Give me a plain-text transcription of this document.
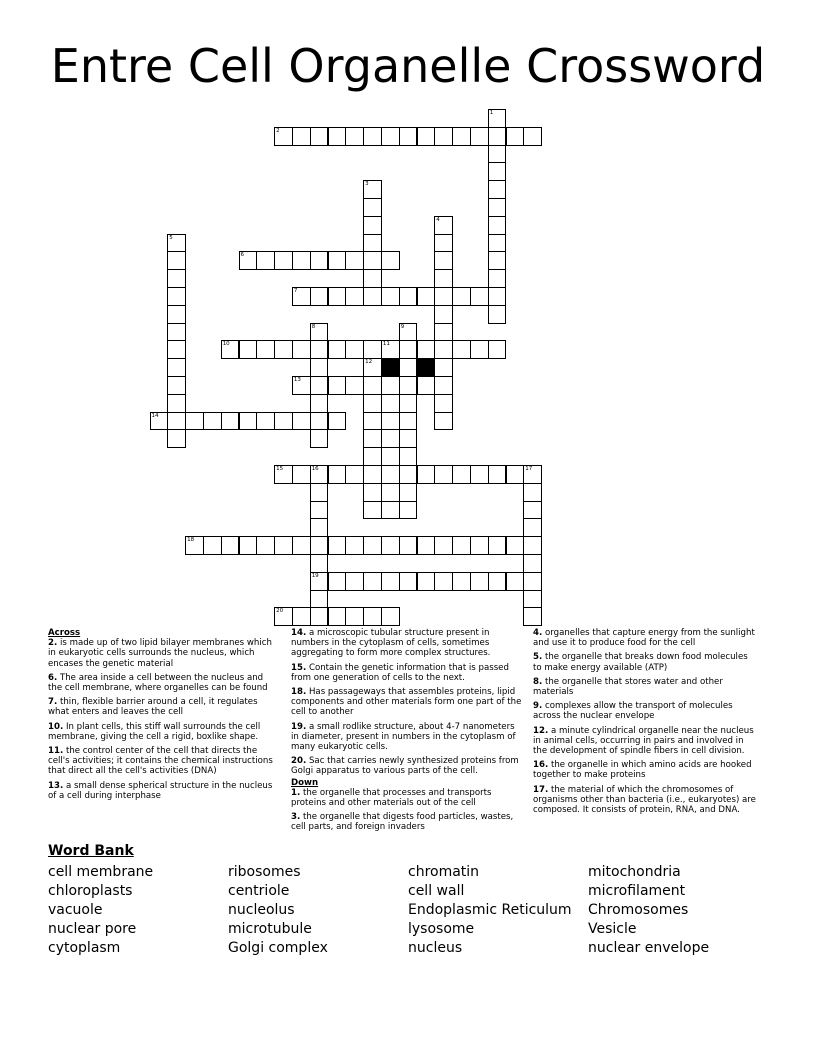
Entre Cell Organelle Crossword
1
2
3
4
5
6
7
8	9
10	11
12
13
14
15	16	17
18
19
20
Across
2. is made up of two lipid bilayer membranes which in eukaryotic cells surrounds the nucleus, which encases the genetic material
6. The area inside a cell between the nucleus and the cell membrane, where organelles can be found
7. thin, flexible barrier around a cell, it regulates what enters and leaves the cell
10. In plant cells, this stiff wall surrounds the cell membrane, giving the cell a rigid, boxlike shape.
11. the control center of the cell that directs the cell's activities; it contains the chemical instructions that direct all the cell's activities (DNA)
13. a small dense spherical structure in the nucleus of a cell during interphase
14. a microscopic tubular structure present in numbers in the cytoplasm of cells, sometimes aggregating to form more complex structures.
15. Contain the genetic information that is passed from one generation of cells to the next.
18. Has passageways that assembles proteins, lipid components and other materials form one part of the cell to another
19. a small rodlike structure, about 4-7 nanometers in diameter, present in numbers in the cytoplasm of many eukaryotic cells.
20. Sac that carries newly synthesized proteins from Golgi apparatus to various parts of the cell.
Down
1. the organelle that processes and transports proteins and other materials out of the cell
3. the organelle that digests food particles, wastes, cell parts, and foreign invaders
4. organelles that capture energy from the sunlight and use it to produce food for the cell
5. the organelle that breaks down food molecules to make energy available (ATP)
8. the organelle that stores water and other materials
9. complexes allow the transport of molecules across the nuclear envelope
12. a minute cylindrical organelle near the nucleus in animal cells, occurring in pairs and involved in the development of spindle fibers in cell division.
16. the organelle in which amino acids are hooked together to make proteins
17. the material of which the chromosomes of organisms other than bacteria (i.e., eukaryotes) are composed. It consists of protein, RNA, and DNA.
Word Bank
cell membrane
chloroplasts
vacuole
nuclear pore
cytoplasm
ribosomes
centriole
nucleolus
microtubule
Golgi complex
chromatin
cell wall
Endoplasmic Reticulum
lysosome
nucleus
mitochondria
microfilament
Chromosomes
Vesicle
nuclear envelope
